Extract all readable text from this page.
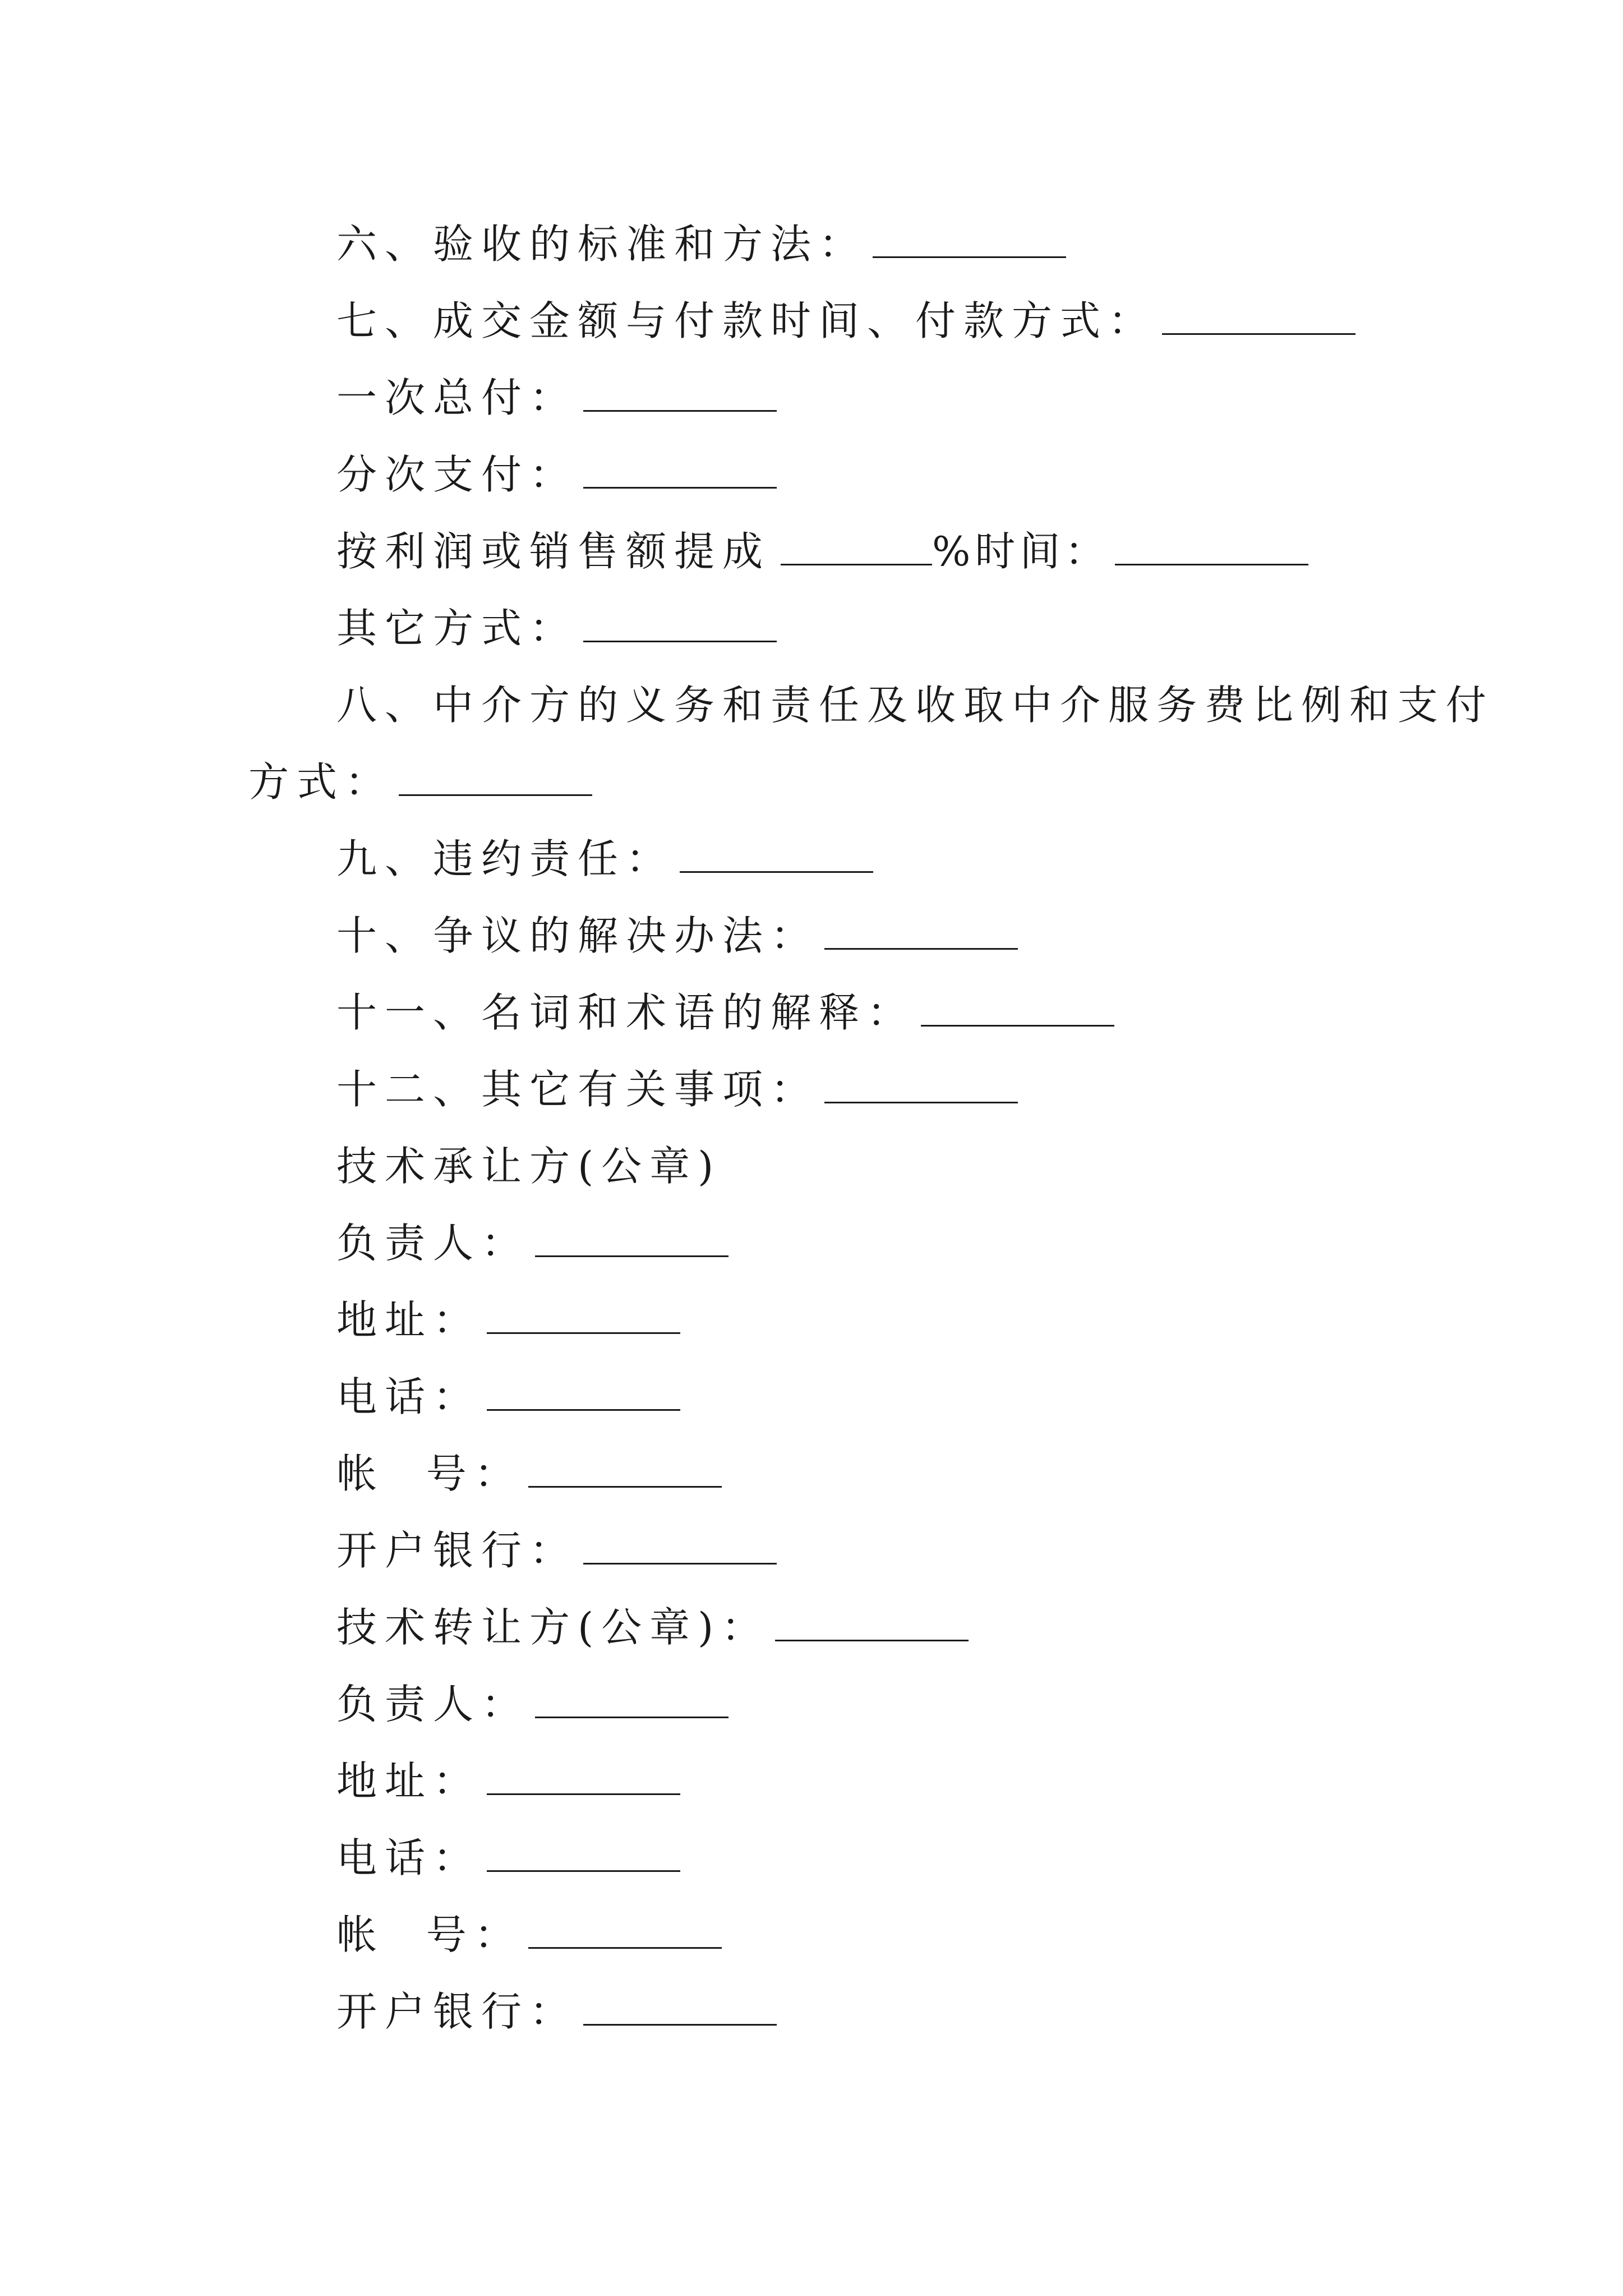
六、验收的标准和方法：
七、成交金额与付款时间、付款方式：
一次总付：
分次支付：
按利润或销售额提成	%时间：
其它方式：
八、中介方的义务和责任及收取中介服务费比例和支付
方式：
九、违约责任：
十、争议的解决办法：
十一、名词和术语的解释：
十二、其它有关事项：
技术承让方(公章)
负责人：
地址：
电话：
帐  号：
开户银行：
技术转让方(公章)：
负责人：
地址：
电话：
帐  号：
开户银行：
